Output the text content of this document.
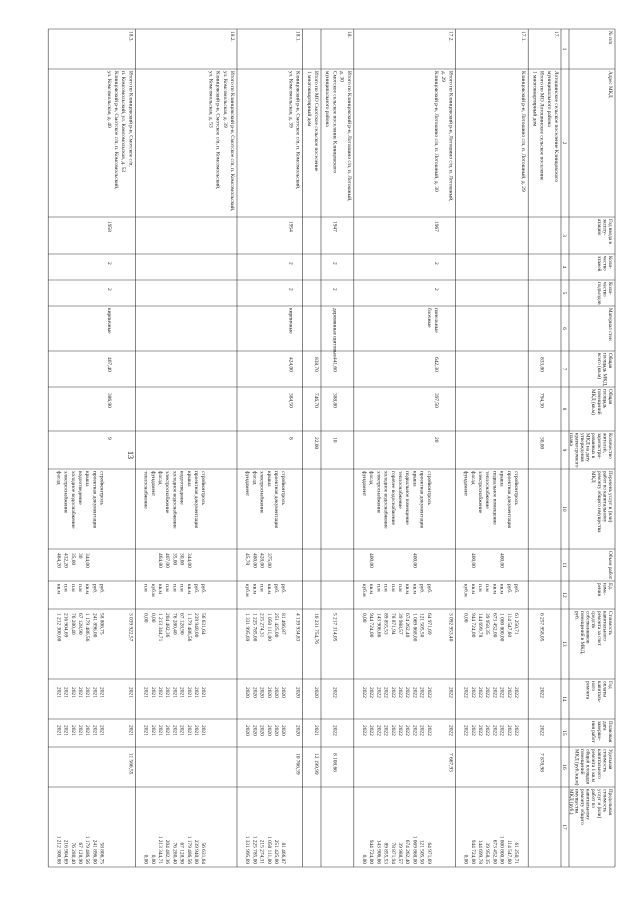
13
№ п/п
Адрес МКД
Год ввода в
эксплу-
атацию
Коли-
чество
этажей
Коли-
чество
подъездов
Материал стен
Общая
площадь МКД,
всего (кв.м)
Общая
площадь
помещений
МКД (кв.м)
Количество
жителей,
зарегистри-
рованных в
МКД на дату
утверждения
краткосрочного
плана
Перечень услуг и (или)
работ по капитальному
ремонту общего имущества
МКД
Объем работ
Ед.
изме-
рения
Стоимость
капитального
ремонта за счет
средств
собственников
помещений в МКД,
руб.
Год
оплаты
капиталь-
ного
ремонта
Плановая
дата
заверше-
ния работ
Удельная
стоимость
капитального
ремонта 1 кв.м
общей площади
помещений
МКД (руб./кв.м)
Предельная
стоимость
услуг и (или)
работ по
капитальному
ремонту общего
имущества
МКД (руб.)
1
2
3
4
5
6
7
8
9
10
11
12
13
14
15
16
17
17.
Лотошинское сельское поселение Клинцовского
муниципального района
Итого по МО Лотошинское сельское поселение
1 многоквартирный дом
833,80
794,30
30,00
6 257 958,05
2022
2022
7 878,98
17.1.
Клинцовский р-н, Лотошино с/п, п. Лотошный, д. 29
стройконтроль
руб.
61 250,71
2022
2022
61 250,71
проектная документация
руб.
114 547,60
2022
2022
114 547,60
крыша
400,00
кв.м
1 000 800,00
2022
2022
1 000 800,00
подвальное помещение
кв.м
673 452,00
2022
2022
673 452,00
теплоснабжение
п.м
39 958,35
2022
2022
39 958,35
электроснабжение
п.м
144 699,78
2022
2022
144 699,78
фасад
400,00
кв.м
944 724,00
2022
2022
944 724,00
фундамент
куб.м
0,00
2022
2022
0,00
17.2.
Итого по Клинцовский р-н, Лотошино с/п, п. Лотошный,
д. 29
Клинцовский р-н, Лотошино с/п, п. Лотошный, д. 30
1967
2
2
панельные
блочные
642,30
397,50
20
3 092 953,40
2022
2022
7 667,93
стройконтроль
руб.
64 971,69
2022
2022
64 971,69
проектная документация
руб.
121 505,50
2022
2022
121 505,50
крыша
400,00
кв.м
1 069 868,00
2022
2022
1 069 868,00
подвальное помещение
кв.м
674 262,40
2022
2022
674 262,40
теплоснабжение
п.м
39 988,57
2022
2022
39 988,57
горячее водоснабжение
п.м
78 871,94
2022
2022
78 871,94
холодное водоснабжение
п.м
89 855,53
2022
2022
89 855,53
электроснабжение
п.м
143 906,66
2022
2022
143 906,66
фасад
400,00
кв.м
944 724,00
2022
2022
944 724,00
фундамент
куб.м
0,00
2022
2022
0,00
18.
Итого по Клинцовский р-н, Лотошино с/п, п. Лотошный,
д. 30
Смотское сельское поселение Клинцовского
муниципального района
1947
2
2
деревянные щитовые
441,60
388,80
10
5 217 314,05
2022
2022
8 108,66
Итого по МО Смотское сельское поселение
1 многоквартирный дом
838,70
746,70
22,00
10 231 754,76
2020
2021
12 199,99
18.1.
Клинцовский р-н, Смотское с/п, п. Комсомольский,
ул. Комсомольская, д. 39
1954
2
2
кирпичные
424,00
384,50
8
4 139 934,83
2020
2020
10 766,39
стройконтроль
руб.
81 466,87
2020
2020
81 466,87
проектная документация
руб.
251 425,00
2020
2020
251 425,00
крыша
375,00
кв.м
1 050 111,00
2020
2020
1 050 111,00
электроснабжение
428,00
п.м
215 274,31
2020
2020
215 274,31
фасад
480,00
кв.м
1 225 785,00
2020
2020
1 225 785,00
фундамент
45,78
куб.м
1 331 995,69
2020
2020
1 331 995,69
18.2.
Итого по Клинцовский р-н, Смотское с/п, п. Комсомольский,
ул. Комсомольская, д. 39
Клинцовский р-н, Смотское с/п, п. Комсомольский,
ул. Комсомольская, д. 53
стройконтроль
руб.
56 631,64
2021
2021
56 631,64
проектная документация
руб.
239 940,00
2021
2021
239 940,00
крыша
344,00
кв.м
1 179 486,56
2021
2021
1 179 486,56
водоотведение
30,00
п.м
67 128,90
2021
2021
67 128,90
холодное водоснабжение
35,00
п.м
76 280,40
2021
2021
76 280,40
электроснабжение
407,00
п.м
204 482,36
2021
2021
204 482,36
фасад
464,80
кв.м
1 213 344,71
2021
2021
1 213 344,71
фундамент
куб.м
0,00
2021
2021
0,00
теплоснабжение
п.м
0,00
2021
2021
0,00
18.3.
Итого по Клинцовский р-н, Смотское с/п,
п. Комсомольский, ул. Комсомольская, д. 53
Клинцовский р-н, Смотское с/п, п. Комсомольский,
ул. Комсомольская, д. 40
1958
2
2
кирпичные
407,40
386,90
9
3 039 922,57
2021
2021
11 566,55
стройконтроль
руб.
58 806,75
2021
2021
58 806,75
проектная документация
руб.
241 896,00
2021
2021
241 896,00
крыша
344,00
кв.м
1 179 486,56
2021
2021
1 179 486,56
водоотведение
30
п.м
67 128,90
2021
2021
67 128,90
холодное водоснабжение
35,00
п.м
76 280,40
2021
2021
76 280,40
электроснабжение
432,20
п.м
216 904,69
2021
2021
216 904,69
фасад
464,20
кв.м
1 212 300,08
2021
2021
1 212 300,08
